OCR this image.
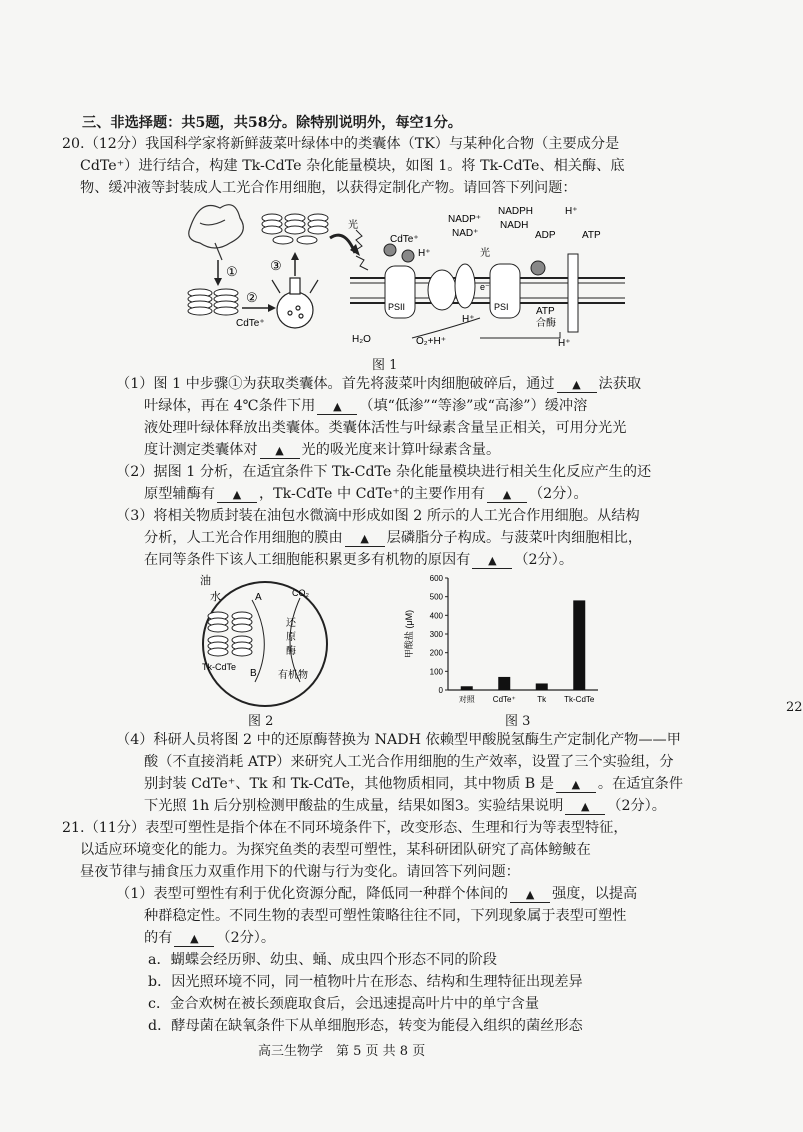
三、非选择题：共5题，共58分。除特别说明外，每空1分。
20.（12分）我国科学家将新鲜菠菜叶绿体中的类囊体（TK）与某种化合物（主要成分是
CdTe⁺）进行结合，构建 Tk-CdTe 杂化能量模块，如图 1。将 Tk-CdTe、相关酶、底
物、缓冲液等封装成人工光合作用细胞，以获得定制化产物。请回答下列问题：
①
②
CdTe⁺
③
光
CdTe⁺
H⁺	光
PSII	PSI
e⁻
NADP⁺
NAD⁺
NADPH
NADH
ADP	ATP
H⁺
ATP
合酶
H₂O	O₂+H⁺
H⁺
H⁺
图 1
（1）图 1 中步骤①为获取类囊体。首先将菠菜叶肉细胞破碎后，通过 ▲	法获取
叶绿体，再在 4℃条件下用 ▲	（填“低渗”“等渗”或“高渗”）缓冲溶
液处理叶绿体释放出类囊体。类囊体活性与叶绿素含量呈正相关，可用分光光
度计测定类囊体对 ▲	光的吸光度来计算叶绿素含量。
（2）据图 1 分析，在适宜条件下 Tk-CdTe 杂化能量模块进行相关生化反应产生的还
原型辅酶有 ▲	，Tk-CdTe 中 CdTe⁺的主要作用有 ▲	（2分）。
（3）将相关物质封装在油包水微滴中形成如图 2 所示的人工光合作用细胞。从结构
分析，人工光合作用细胞的膜由 ▲	层磷脂分子构成。与菠菜叶肉细胞相比，
在同等条件下该人工细胞能积累更多有机物的原因有 ▲	（2分）。
油
水	A
B
CO₂
还
原
酶
Tk-CdTe
有机物
图 2
0
100
200
300
400
500
600
甲酸盐 (μM)
对照 CdTe⁺	Tk Tk-CdTe
图 3
（4）科研人员将图 2 中的还原酶替换为 NADH 依赖型甲酸脱氢酶生产定制化产物——甲
酸（不直接消耗 ATP）来研究人工光合作用细胞的生产效率，设置了三个实验组，分
别封装 CdTe⁺、Tk 和 Tk-CdTe，其他物质相同，其中物质 B 是 ▲	。在适宜条件
下光照 1h 后分别检测甲酸盐的生成量，结果如图3。实验结果说明 ▲	（2分）。
21.（11分）表型可塑性是指个体在不同环境条件下，改变形态、生理和行为等表型特征，
以适应环境变化的能力。为探究鱼类的表型可塑性，某科研团队研究了高体鳑鲏在
昼夜节律与捕食压力双重作用下的代谢与行为变化。请回答下列问题：
（1）表型可塑性有利于优化资源分配，降低同一种群个体间的 ▲	强度，以提高
种群稳定性。不同生物的表型可塑性策略往往不同，下列现象属于表型可塑性
的有 ▲	（2分）。
a．蝴蝶会经历卵、幼虫、蛹、成虫四个形态不同的阶段
b．因光照环境不同，同一植物叶片在形态、结构和生理特征出现差异
c．金合欢树在被长颈鹿取食后，会迅速提高叶片中的单宁含量
d．酵母菌在缺氧条件下从单细胞形态，转变为能侵入组织的菌丝形态
高三生物学　第 5 页 共 8 页
22
